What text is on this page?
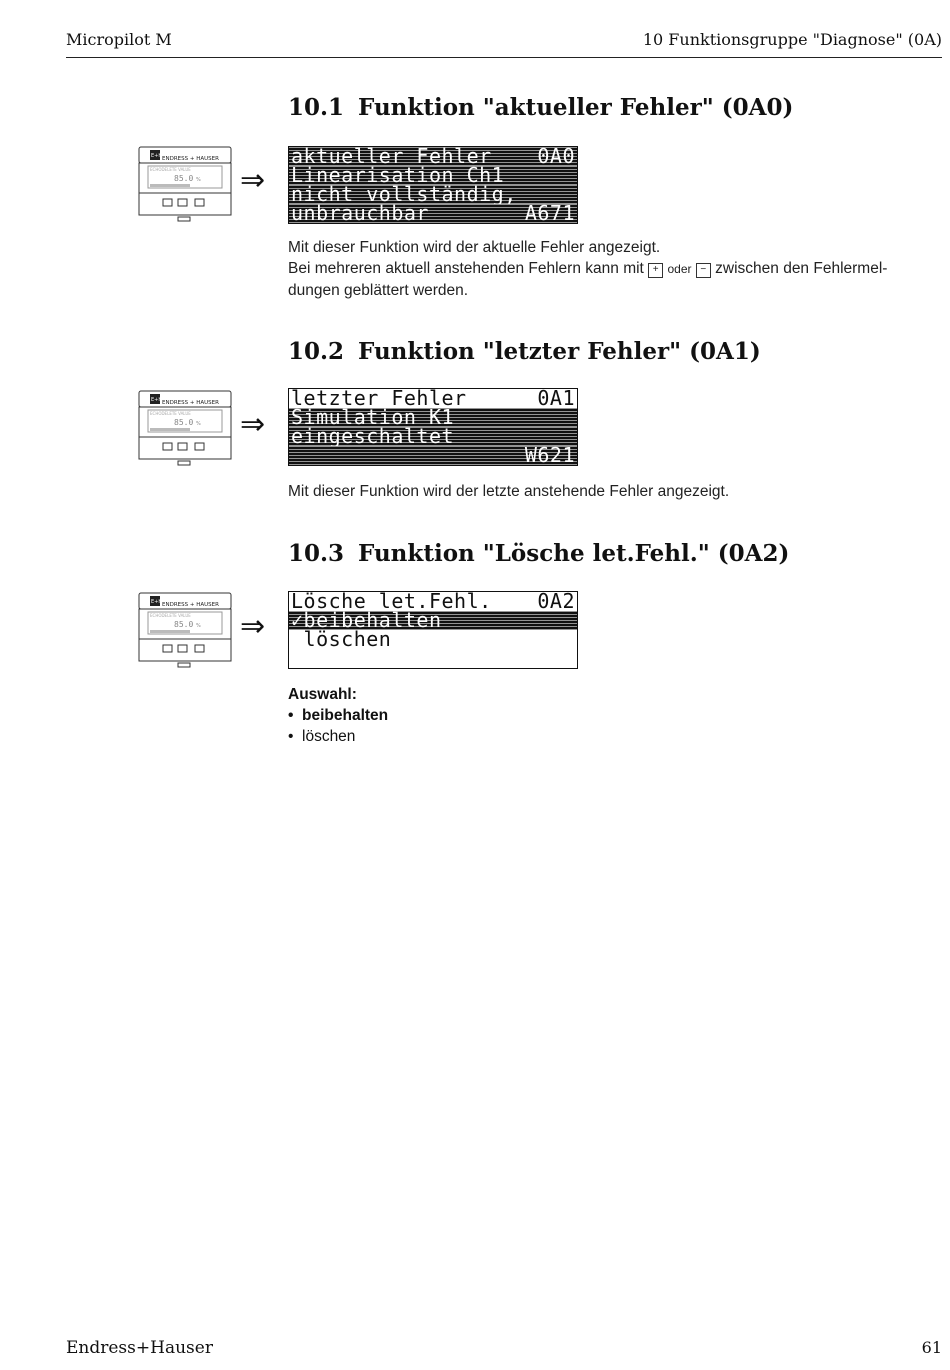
Micropilot M	10 Funktionsgruppe "Diagnose" (0A)
10.1 Funktion "aktueller Fehler" (0A0)
E+H ENDRESS + HAUSER
ECHODELETE VALUE
85.0 % ⇒
aktueller Fehler 0A0
Linearisation Ch1
nicht vollständig,
unbrauchbar	A671
Mit dieser Funktion wird der aktuelle Fehler angezeigt.
Bei mehreren aktuell anstehenden Fehlern kann mit + oder − zwischen den Fehlermel-
dungen geblättert werden.
10.2 Funktion "letzter Fehler" (0A1)
E+H ENDRESS + HAUSER
ECHODELETE VALUE
85.0 % ⇒
letzter Fehler	0A1
Simulation K1
eingeschaltet
W621
Mit dieser Funktion wird der letzte anstehende Fehler angezeigt.
10.3 Funktion "Lösche let.Fehl." (0A2)
E+H ENDRESS + HAUSER
ECHODELETE VALUE
85.0 % ⇒
Lösche let.Fehl. 0A2
✓beibehalten
löschen
Auswahl:
• beibehalten
• löschen
Endress+Hauser	61
